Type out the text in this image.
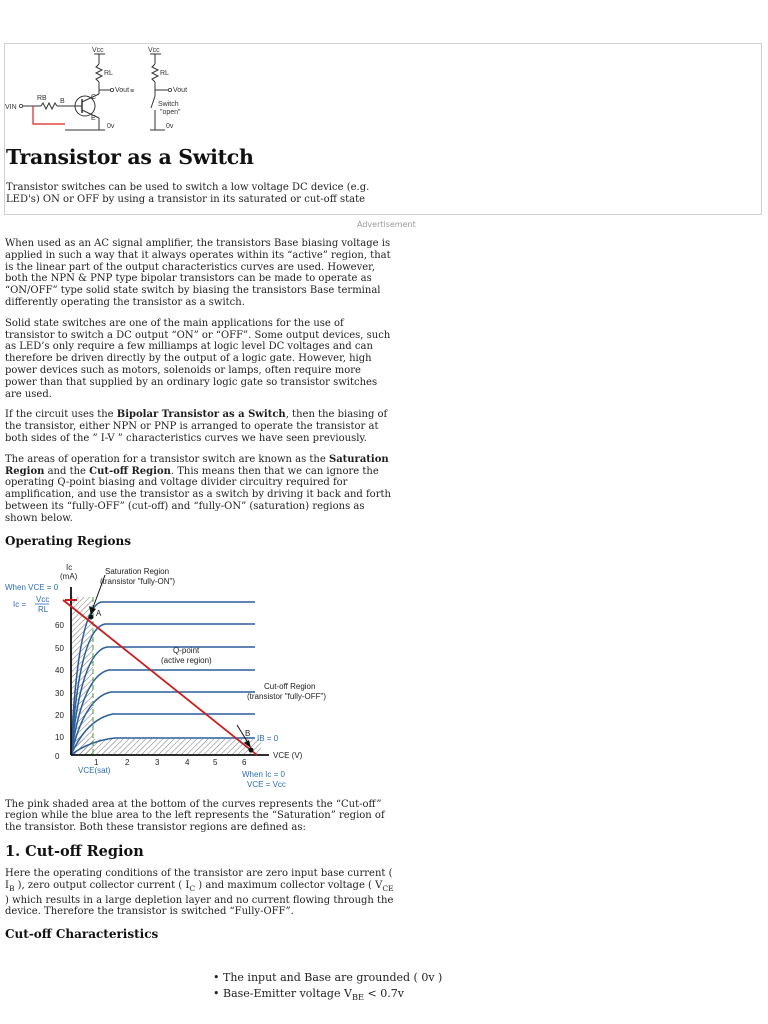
Vcc	Vcc
RL	RL
RB
VIN
B
C
E
Vout	Vout
≡
Switch
"open"
0v	0v
Transistor as a Switch

Transistor switches can be used to switch a low voltage DC device (e.g. LED's) ON or OFF by using a transistor in its saturated or cut-off state

Advertisement

When used as an AC signal amplifier, the transistors Base biasing voltage is applied in such a way that it always operates within its “active” region, that is the linear part of the output characteristics curves are used. However, both the NPN & PNP type bipolar transistors can be made to operate as “ON/OFF” type solid state switch by biasing the transistors Base terminal differently operating the transistor as a switch.

Solid state switches are one of the main applications for the use of transistor to switch a DC output “ON” or “OFF”. Some output devices, such as LED’s only require a few milliamps at logic level DC voltages and can therefore be driven directly by the output of a logic gate. However, high power devices such as motors, solenoids or lamps, often require more power than that supplied by an ordinary logic gate so transistor switches are used.

If the circuit uses the Bipolar Transistor as a Switch, then the biasing of the transistor, either NPN or PNP is arranged to operate the transistor at both sides of the ” I-V ” characteristics curves we have seen previously.

The areas of operation for a transistor switch are known as the Saturation Region and the Cut-off Region. This means then that we can ignore the operating Q-point biasing and voltage divider circuitry required for amplification, and use the transistor as a switch by driving it back and forth between its “fully-OFF” (cut-off) and “fully-ON” (saturation) regions as shown below.

Operating Regions
0
10
20
30
40
50
60
1	2	3	4	5	6
Ic
(mA)
Saturation Region
(transistor "fully-ON")
When VCE = 0
Ic =
Vcc
RL
Q-point
(active region)
Cut-off Region
(transistor "fully-OFF")
A
B
IB = 0
VCE (V)
VCE(sat)	When Ic = 0
VCE = Vcc

The pink shaded area at the bottom of the curves represents the “Cut-off” region while the blue area to the left represents the “Saturation” region of the transistor. Both these transistor regions are defined as:

1. Cut-off Region

Here the operating conditions of the transistor are zero input base current ( $I_B$ ), zero output collector current ( $I_C$ ) and maximum collector voltage ( $V_{CE}$ ) which results in a large depletion layer and no current flowing through the device. Therefore the transistor is switched “Fully-OFF”.

Cut-off Characteristics
• The input and Base are grounded ( 0v )
• Base-Emitter voltage $V_{BE} < 0.7v$
